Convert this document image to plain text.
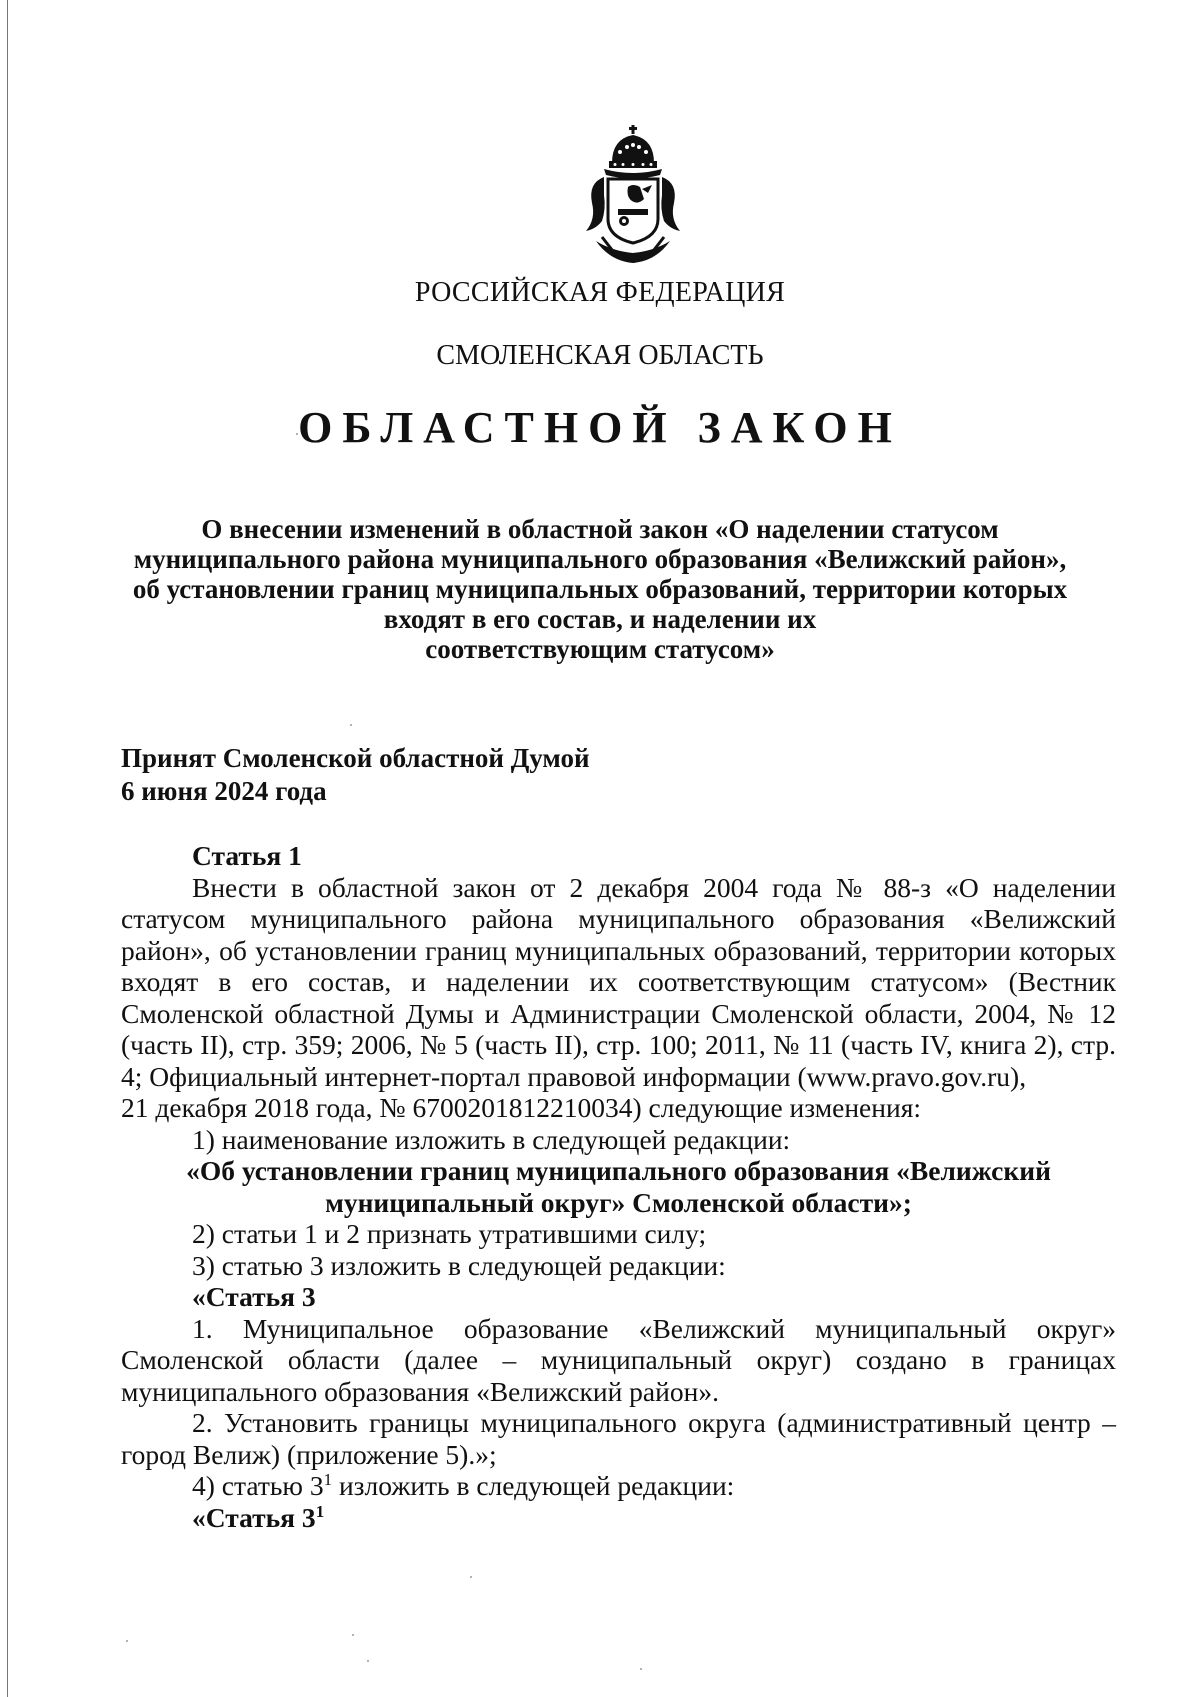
РОССИЙСКАЯ ФЕДЕРАЦИЯ
СМОЛЕНСКАЯ ОБЛАСТЬ
ОБЛАСТНОЙ ЗАКОН
О внесении изменений в областной закон «О наделении статусом
муниципального района муниципального образования «Велижский район»,
об установлении границ муниципальных образований, территории которых
входят в его состав, и наделении их
соответствующим статусом»
Принят Смоленской областной Думой
6 июня 2024 года
Статья 1
Внести в областной закон от 2 декабря 2004 года № 88-з «О наделении статусом муниципального района муниципального образования «Велижский район», об установлении границ муниципальных образований, территории которых входят в его состав, и наделении их соответствующим статусом» (Вестник Смоленской областной Думы и Администрации Смоленской области, 2004, № 12 (часть II), стр. 359; 2006, № 5 (часть II), стр. 100; 2011, № 11 (часть IV, книга 2), стр. 4; Официальный интернет-портал правовой информации (www.pravo.gov.ru),
21 декабря 2018 года, № 6700201812210034) следующие изменения:
1) наименование изложить в следующей редакции:
«Об установлении границ муниципального образования «Велижский
муниципальный округ» Смоленской области»;
2) статьи 1 и 2 признать утратившими силу;
3) статью 3 изложить в следующей редакции:
«Статья 3
1. Муниципальное образование «Велижский муниципальный округ» Смоленской области (далее – муниципальный округ) создано в границах муниципального образования «Велижский район».
2. Установить границы муниципального округа (административный центр – город Велиж) (приложение 5).»;
4) статью $3^1$ изложить в следующей редакции:
«Статья $3^1$
